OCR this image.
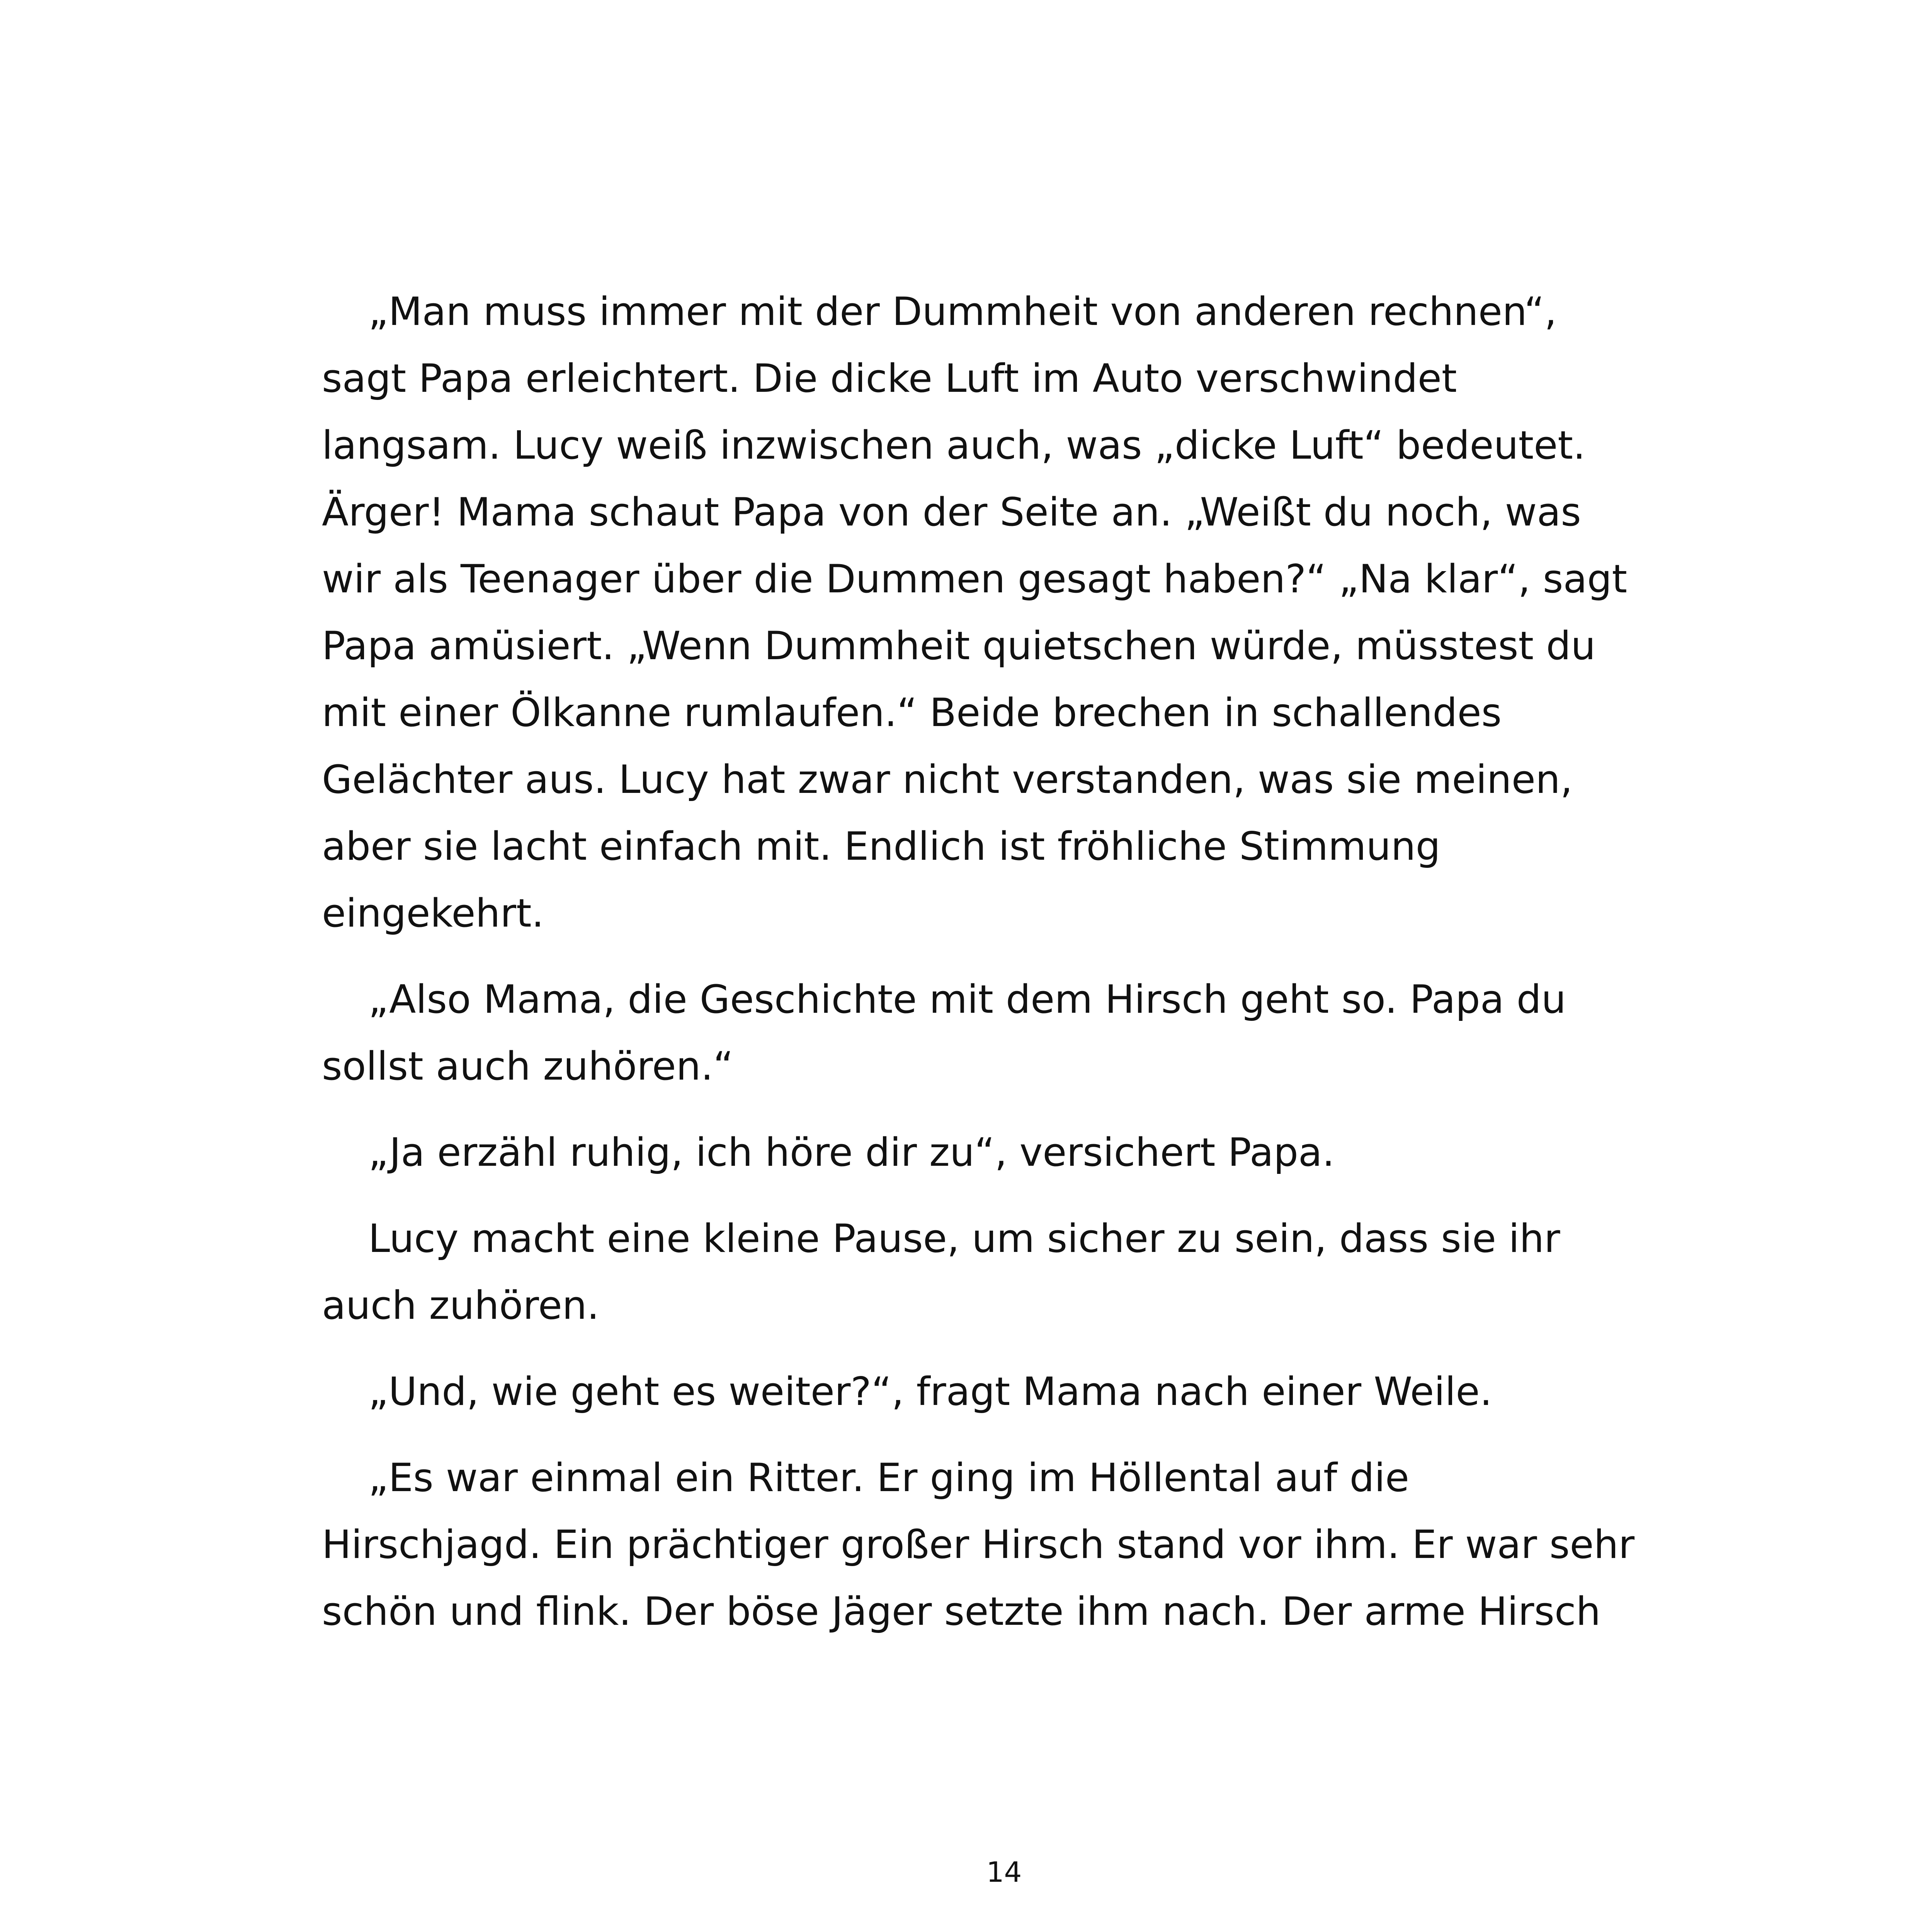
„Man muss immer mit der Dummheit von anderen rechnen“,
sagt Papa erleichtert. Die dicke Luft im Auto verschwindet
langsam. Lucy weiß inzwischen auch, was „dicke Luft“ bedeutet.
Ärger! Mama schaut Papa von der Seite an. „Weißt du noch, was
wir als Teenager über die Dummen gesagt haben?“ „Na klar“, sagt
Papa amüsiert. „Wenn Dummheit quietschen würde, müsstest du
mit einer Ölkanne rumlaufen.“ Beide brechen in schallendes
Gelächter aus. Lucy hat zwar nicht verstanden, was sie meinen,
aber sie lacht einfach mit. Endlich ist fröhliche Stimmung
eingekehrt.

„Also Mama, die Geschichte mit dem Hirsch geht so. Papa du
sollst auch zuhören.“

„Ja erzähl ruhig, ich höre dir zu“, versichert Papa.

Lucy macht eine kleine Pause, um sicher zu sein, dass sie ihr
auch zuhören.

„Und, wie geht es weiter?“, fragt Mama nach einer Weile.

„Es war einmal ein Ritter. Er ging im Höllental auf die
Hirschjagd. Ein prächtiger großer Hirsch stand vor ihm. Er war sehr
schön und flink. Der böse Jäger setzte ihm nach. Der arme Hirsch

14
